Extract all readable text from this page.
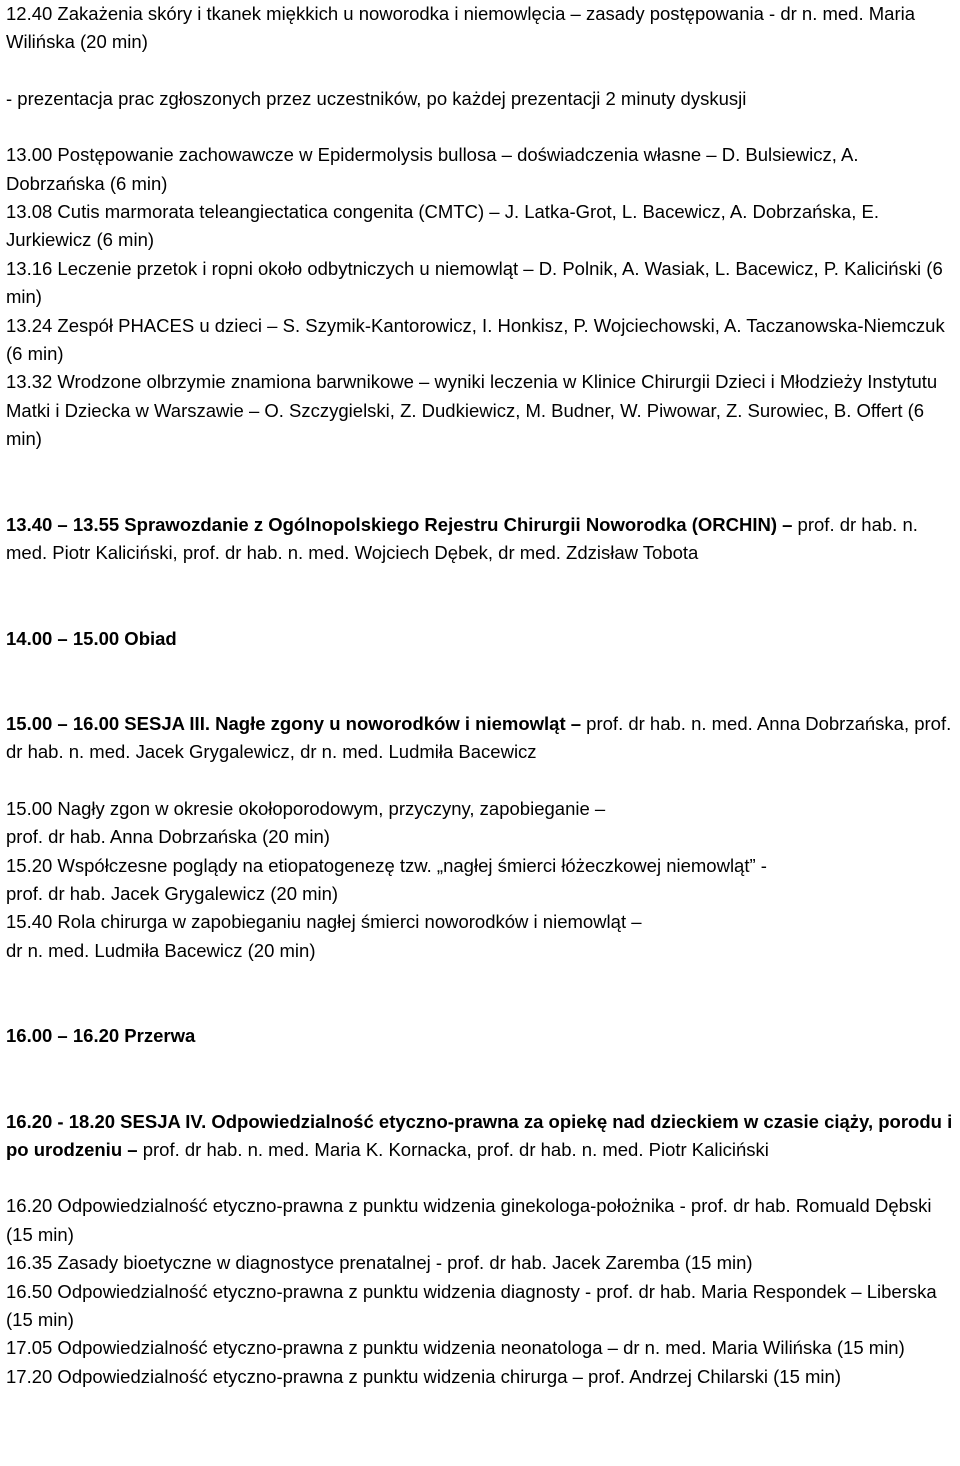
12.40 Zakażenia skóry i tkanek miękkich u noworodka i niemowlęcia – zasady postępowania - dr n. med. Maria Wilińska (20 min)

- prezentacja prac zgłoszonych przez uczestników, po każdej prezentacji 2 minuty dyskusji

13.00 Postępowanie zachowawcze w Epidermolysis bullosa – doświadczenia własne – D. Bulsiewicz, A. Dobrzańska (6 min)

13.08 Cutis marmorata teleangiectatica congenita (CMTC) – J. Latka-Grot, L. Bacewicz, A. Dobrzańska, E. Jurkiewicz (6 min)

13.16 Leczenie przetok i ropni około odbytniczych u niemowląt – D. Polnik, A. Wasiak, L. Bacewicz, P. Kaliciński (6 min)

13.24 Zespół PHACES u dzieci – S. Szymik-Kantorowicz, I. Honkisz, P. Wojciechowski, A. Taczanowska-Niemczuk (6 min)

13.32 Wrodzone olbrzymie znamiona barwnikowe – wyniki leczenia w Klinice Chirurgii Dzieci i Młodzieży Instytutu Matki i Dziecka w Warszawie – O. Szczygielski, Z. Dudkiewicz, M. Budner, W. Piwowar, Z. Surowiec, B. Offert (6 min)

13.40 – 13.55 Sprawozdanie z Ogólnopolskiego Rejestru Chirurgii Noworodka (ORCHIN) – prof. dr hab. n. med. Piotr Kaliciński, prof. dr hab. n. med. Wojciech Dębek, dr med. Zdzisław Tobota

14.00 – 15.00 Obiad

15.00 – 16.00 SESJA III. Nagłe zgony u noworodków i niemowląt – prof. dr hab. n. med. Anna Dobrzańska, prof. dr hab. n. med. Jacek Grygalewicz, dr n. med. Ludmiła Bacewicz

15.00 Nagły zgon w okresie okołoporodowym, przyczyny, zapobieganie –
prof. dr hab. Anna Dobrzańska (20 min)

15.20 Współczesne poglądy na etiopatogenezę tzw. „nagłej śmierci łóżeczkowej niemowląt” -
prof. dr hab. Jacek Grygalewicz (20 min)

15.40 Rola chirurga w zapobieganiu nagłej śmierci noworodków i niemowląt –
dr n. med. Ludmiła Bacewicz (20 min)

16.00 – 16.20 Przerwa

16.20 - 18.20 SESJA IV. Odpowiedzialność etyczno-prawna za opiekę nad dzieckiem w czasie ciąży, porodu i po urodzeniu – prof. dr hab. n. med. Maria K. Kornacka, prof. dr hab. n. med. Piotr Kaliciński

16.20 Odpowiedzialność etyczno-prawna z punktu widzenia ginekologa-położnika - prof. dr hab. Romuald Dębski (15 min)

16.35 Zasady bioetyczne w diagnostyce prenatalnej - prof. dr hab. Jacek Zaremba (15 min)

16.50 Odpowiedzialność etyczno-prawna z punktu widzenia diagnosty - prof. dr hab. Maria Respondek – Liberska (15 min)

17.05 Odpowiedzialność etyczno-prawna z punktu widzenia neonatologa – dr n. med. Maria Wilińska (15 min)

17.20 Odpowiedzialność etyczno-prawna z punktu widzenia chirurga – prof. Andrzej Chilarski (15 min)
